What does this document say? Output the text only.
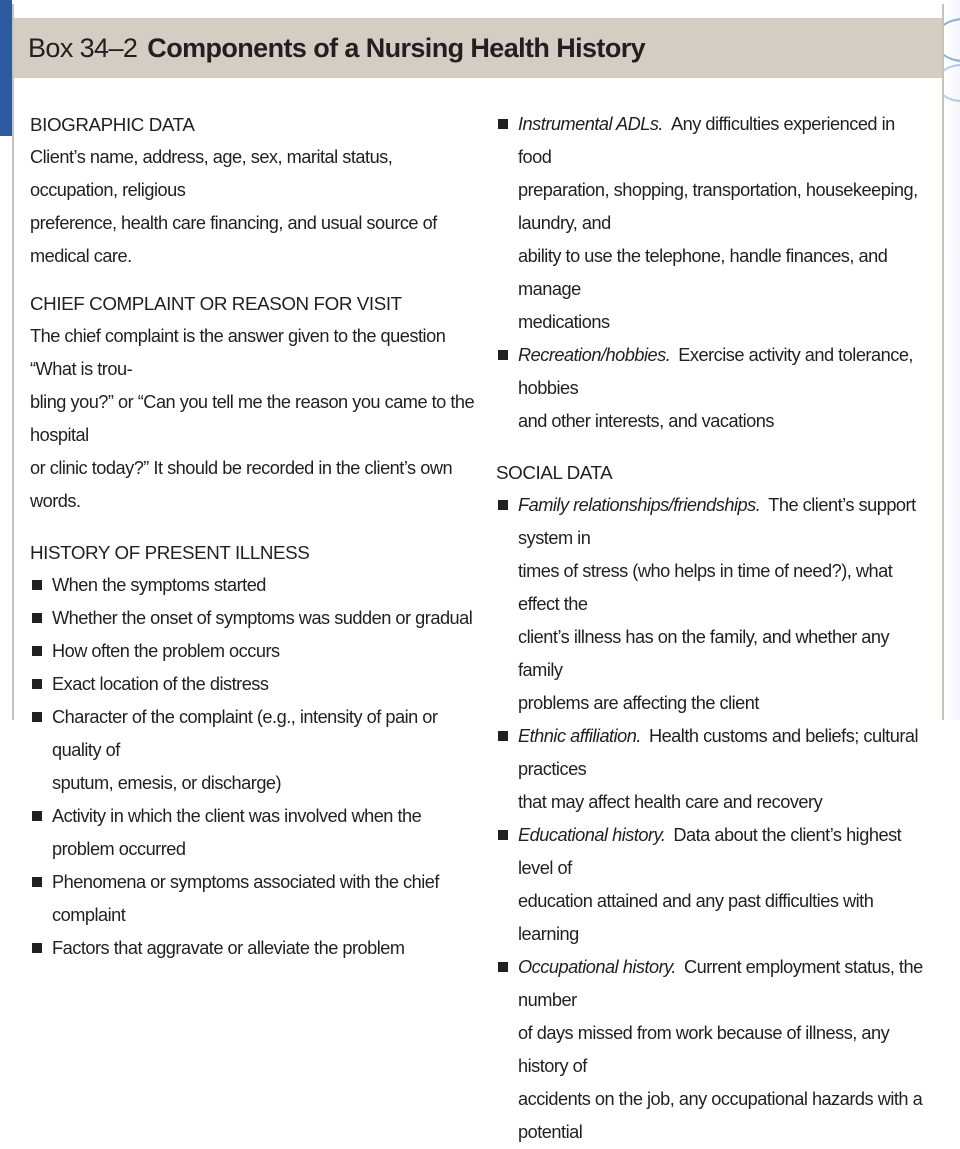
Box 34–2 Components of a Nursing Health History
BIOGRAPHIC DATA
Client’s name, address, age, sex, marital status, occupation, religious
preference, health care financing, and usual source of medical care.
CHIEF COMPLAINT OR REASON FOR VISIT
The chief complaint is the answer given to the question “What is trou-
bling you?” or “Can you tell me the reason you came to the hospital
or clinic today?” It should be recorded in the client’s own words.
HISTORY OF PRESENT ILLNESS
When the symptoms started
Whether the onset of symptoms was sudden or gradual
How often the problem occurs
Exact location of the distress
Character of the complaint (e.g., intensity of pain or quality of
sputum, emesis, or discharge)
Activity in which the client was involved when the problem occurred
Phenomena or symptoms associated with the chief complaint
Factors that aggravate or alleviate the problem
Instrumental ADLs. Any difficulties experienced in food
preparation, shopping, transportation, housekeeping, laundry, and
ability to use the telephone, handle finances, and manage
medications
Recreation/hobbies. Exercise activity and tolerance, hobbies
and other interests, and vacations
SOCIAL DATA
Family relationships/friendships. The client’s support system in
times of stress (who helps in time of need?), what effect the
client’s illness has on the family, and whether any family
problems are affecting the client
Ethnic affiliation. Health customs and beliefs; cultural practices
that may affect health care and recovery
Educational history. Data about the client’s highest level of
education attained and any past difficulties with learning
Occupational history. Current employment status, the number
of days missed from work because of illness, any history of
accidents on the job, any occupational hazards with a potential
